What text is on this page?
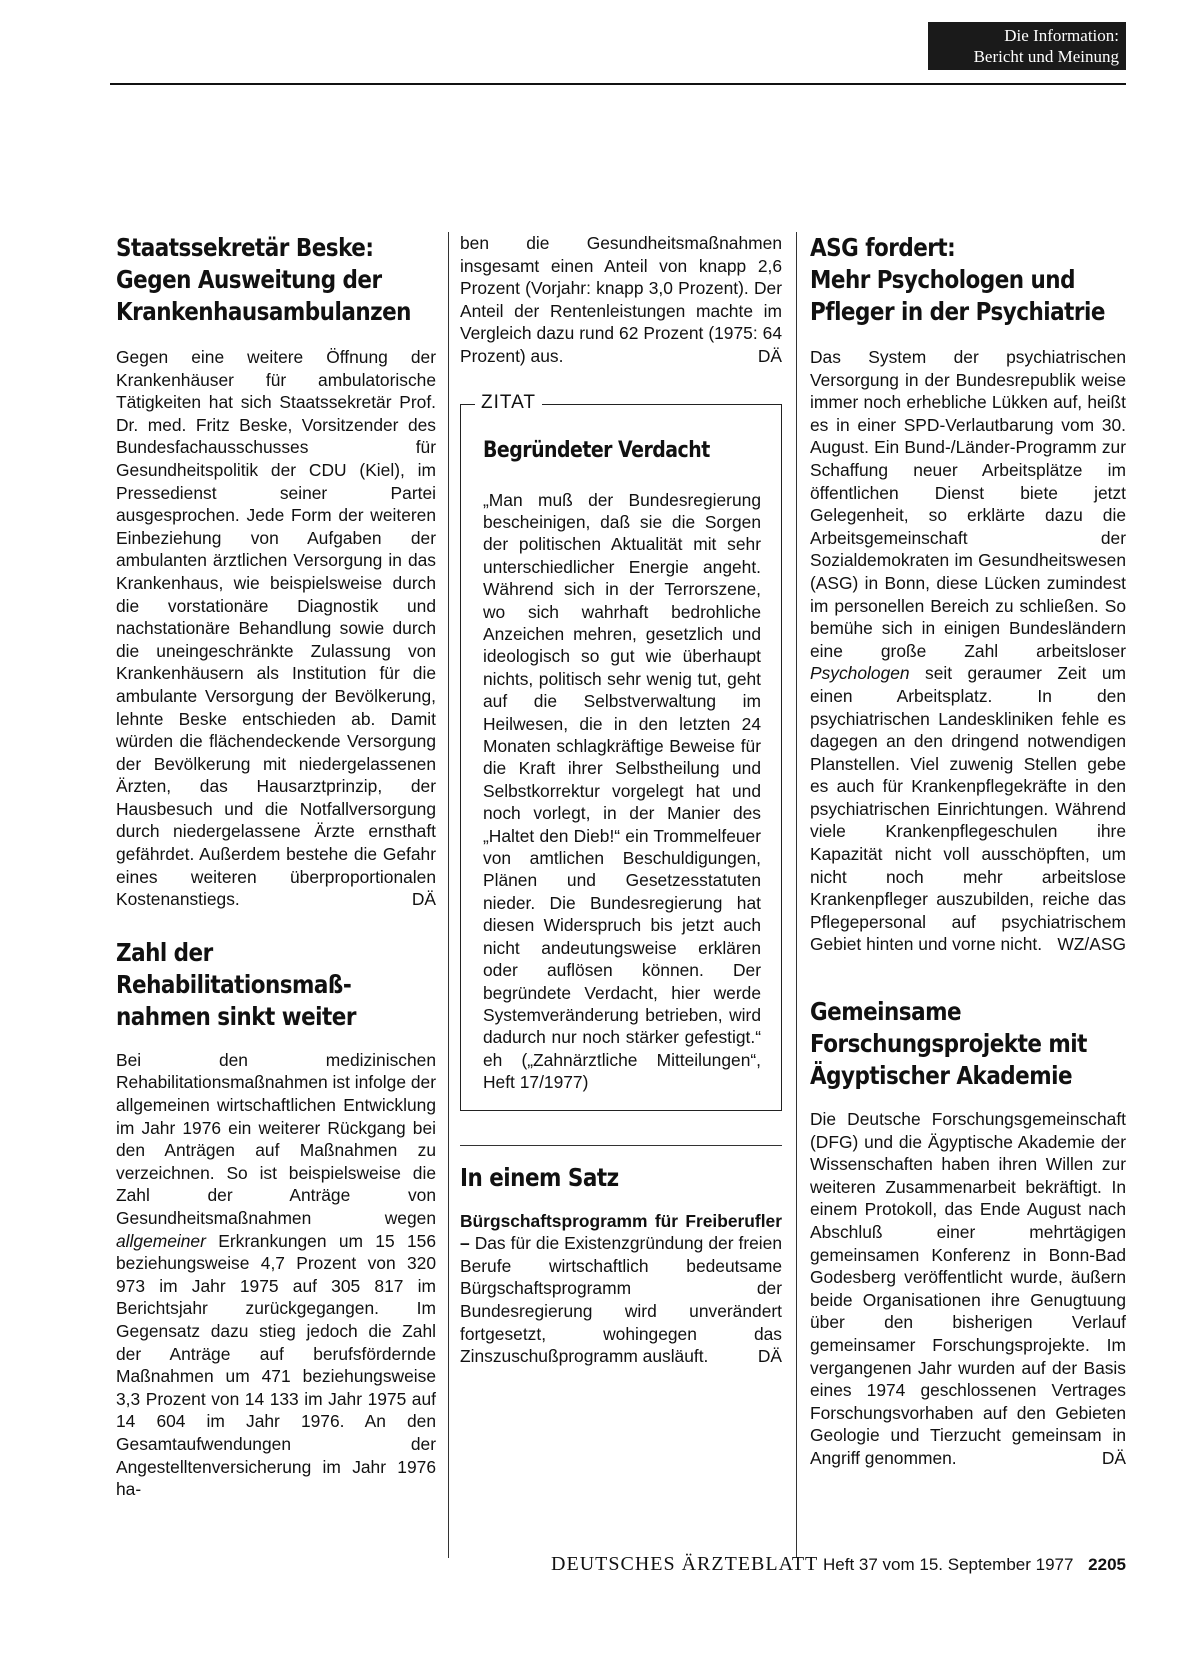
Die Information:
Bericht und Meinung
Staatssekretär Beske:
Gegen Ausweitung der
Krankenhausambulanzen

Gegen eine weitere Öffnung der Krankenhäuser für ambulatorische Tätigkeiten hat sich Staatssekretär Prof. Dr. med. Fritz Beske, Vorsitzender des Bundesfachausschusses für Gesundheitspolitik der CDU (Kiel), im Pressedienst seiner Partei ausgesprochen. Jede Form der weiteren Einbeziehung von Aufgaben der ambulanten ärztlichen Versorgung in das Krankenhaus, wie beispielsweise durch die vorstationäre Diagnostik und nachstationäre Behandlung sowie durch die uneingeschränkte Zulassung von Krankenhäusern als Institution für die ambulante Versorgung der Bevölkerung, lehnte Beske entschieden ab. Damit würden die flächendeckende Versorgung der Bevölkerung mit niedergelassenen Ärzten, das Hausarztprinzip, der Hausbesuch und die Notfallversorgung durch niedergelassene Ärzte ernsthaft gefährdet. Außerdem bestehe die Gefahr eines weiteren überproportionalen Kostenanstiegs.	DÄ

Zahl der
Rehabilitationsmaß-
nahmen sinkt weiter

Bei den medizinischen Rehabilitationsmaßnahmen ist infolge der allgemeinen wirtschaftlichen Entwicklung im Jahr 1976 ein weiterer Rückgang bei den Anträgen auf Maßnahmen zu verzeichnen. So ist beispielsweise die Zahl der Anträge von Gesundheitsmaßnahmen wegen allgemeiner Erkrankungen um 15 156 beziehungsweise 4,7 Prozent von 320 973 im Jahr 1975 auf 305 817 im Berichtsjahr zurückgegangen. Im Gegensatz dazu stieg jedoch die Zahl der Anträge auf berufsfördernde Maßnahmen um 471 beziehungsweise 3,3 Prozent von 14 133 im Jahr 1975 auf 14 604 im Jahr 1976. An den Gesamtaufwendungen der Angestelltenversicherung im Jahr 1976 ha-

ben die Gesundheitsmaßnahmen insgesamt einen Anteil von knapp 2,6 Prozent (Vorjahr: knapp 3,0 Prozent). Der Anteil der Rentenleistungen machte im Vergleich dazu rund 62 Prozent (1975: 64 Prozent) aus.	DÄ

ZITAT
Begründeter Verdacht

„Man muß der Bundesregierung bescheinigen, daß sie die Sorgen der politischen Aktualität mit sehr unterschiedlicher Energie angeht. Während sich in der Terrorszene, wo sich wahrhaft bedrohliche Anzeichen mehren, gesetzlich und ideologisch so gut wie überhaupt nichts, politisch sehr wenig tut, geht auf die Selbstverwaltung im Heilwesen, die in den letzten 24 Monaten schlagkräftige Beweise für die Kraft ihrer Selbstheilung und Selbstkorrektur vorgelegt hat und noch vorlegt, in der Manier des „Haltet den Dieb!“ ein Trommelfeuer von amtlichen Beschuldigungen, Plänen und Gesetzesstatuten nieder. Die Bundesregierung hat diesen Widerspruch bis jetzt auch nicht andeutungsweise erklären oder auflösen können. Der begründete Verdacht, hier werde Systemveränderung betrieben, wird dadurch nur noch stärker gefestigt.“ eh („Zahnärztliche Mitteilungen“, Heft 17/1977)

In einem Satz

Bürgschaftsprogramm für Freiberufler – Das für die Existenzgründung der freien Berufe wirtschaftlich bedeutsame Bürgschaftsprogramm der Bundesregierung wird unverändert fortgesetzt, wohingegen das Zinszuschußprogramm ausläuft.	DÄ

ASG fordert:
Mehr Psychologen und
Pfleger in der Psychiatrie

Das System der psychiatrischen Versorgung in der Bundesrepublik weise immer noch erhebliche Lükken auf, heißt es in einer SPD-Verlautbarung vom 30. August. Ein Bund-/Länder-Programm zur Schaffung neuer Arbeitsplätze im öffentlichen Dienst biete jetzt Gelegenheit, so erklärte dazu die Arbeitsgemeinschaft der Sozialdemokraten im Gesundheitswesen (ASG) in Bonn, diese Lücken zumindest im personellen Bereich zu schließen. So bemühe sich in einigen Bundesländern eine große Zahl arbeitsloser Psychologen seit geraumer Zeit um einen Arbeitsplatz. In den psychiatrischen Landeskliniken fehle es dagegen an den dringend notwendigen Planstellen. Viel zuwenig Stellen gebe es auch für Krankenpflegekräfte in den psychiatrischen Einrichtungen. Während viele Krankenpflegeschulen ihre Kapazität nicht voll ausschöpften, um nicht noch mehr arbeitslose Krankenpfleger auszubilden, reiche das Pflegepersonal auf psychiatrischem Gebiet hinten und vorne nicht. WZ/ASG

Gemeinsame
Forschungsprojekte mit
Ägyptischer Akademie

Die Deutsche Forschungsgemeinschaft (DFG) und die Ägyptische Akademie der Wissenschaften haben ihren Willen zur weiteren Zusammenarbeit bekräftigt. In einem Protokoll, das Ende August nach Abschluß einer mehrtägigen gemeinsamen Konferenz in Bonn-Bad Godesberg veröffentlicht wurde, äußern beide Organisationen ihre Genugtuung über den bisherigen Verlauf gemeinsamer Forschungsprojekte. Im vergangenen Jahr wurden auf der Basis eines 1974 geschlossenen Vertrages Forschungsvorhaben auf den Gebieten Geologie und Tierzucht gemeinsam in Angriff genommen.	DÄ

DEUTSCHES ÄRZTEBLATT Heft 37 vom 15. September 1977 2205
